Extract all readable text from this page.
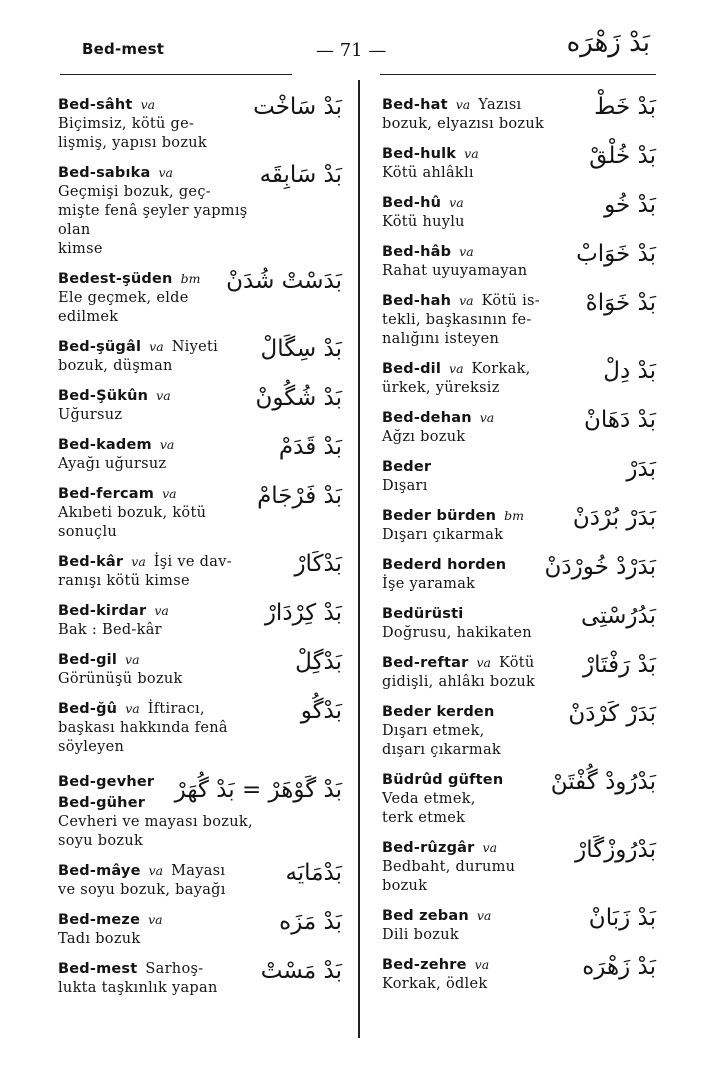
Bed-mest	— 71 —	بَدْ زَهْرَه
بَدْ سَاخْت
Bed-sâht va
Biçimsiz, kötü ge-
lişmiş, yapısı bozuk
بَدْ سَابِقَه
Bed-sabıka va
Geçmişi bozuk, geç-
mişte fenâ şeyler yapmış olan
kimse
بَدَسْتْ شُدَنْ
Bedest-şüden bm
Ele geçmek, elde
edilmek
بَدْ سِگَالْ
Bed-şügâl va Niyeti
bozuk, düşman
بَدْ شُگُونْ
Bed-Şükûn va
Uğursuz
بَدْ قَدَمْ
Bed-kadem va
Ayağı uğursuz
بَدْ فَرْجَامْ
Bed-fercam va
Akıbeti bozuk, kötü
sonuçlu
بَدْكَارْ
Bed-kâr va İşi ve dav-
ranışı kötü kimse
بَدْ كِرْدَارْ
Bed-kirdar va
Bak : Bed-kâr
بَدْگِلْ
Bed-gil va
Görünüşü bozuk
بَدْگُو
Bed-ğû va İftiracı,
başkası hakkında fenâ
söyleyen
بَدْ گَوْهَرْ = بَدْ گُهَرْ
Bed-gevher
Bed-güher
Cevheri ve mayası bozuk,
soyu bozuk
بَدْمَايَه
Bed-mâye va Mayası
ve soyu bozuk, bayağı
بَدْ مَزَه
Bed-meze va
Tadı bozuk
بَدْ مَسْتْ
Bed-mest Sarhoş-
lukta taşkınlık yapan
بَدْ خَطْ
Bed-hat va Yazısı
bozuk, elyazısı bozuk
بَدْ خُلْقْ
Bed-hulk va
Kötü ahlâklı
بَدْ خُو
Bed-hû va
Kötü huylu
بَدْ خَوَابْ
Bed-hâb va
Rahat uyuyamayan
بَدْ خَوَاهْ
Bed-hah va Kötü is-
tekli, başkasının fe-
nalığını isteyen
بَدْ دِلْ
Bed-dil va Korkak,
ürkek, yüreksiz
بَدْ دَهَانْ
Bed-dehan va
Ağzı bozuk
بَدَرْ
Beder
Dışarı
بَدَرْ بُرْدَنْ
Beder bürden bm
Dışarı çıkarmak
بَدَرْدْ خُورْدَنْ
Bederd horden
İşe yaramak
بَدُرُسْتِى
Bedürüsti
Doğrusu, hakikaten
بَدْ رَفْتَارْ
Bed-reftar va Kötü
gidişli, ahlâkı bozuk
بَدَرْ كَرْدَنْ
Beder kerden
Dışarı etmek,
dışarı çıkarmak
بَدْرُودْ گُفْتَنْ
Büdrûd güften
Veda etmek,
terk etmek
بَدْرُوزْگَارْ
Bed-rûzgâr va
Bedbaht, durumu
bozuk
بَدْ زَبَانْ
Bed zeban va
Dili bozuk
بَدْ زَهْرَه
Bed-zehre va
Korkak, ödlek
